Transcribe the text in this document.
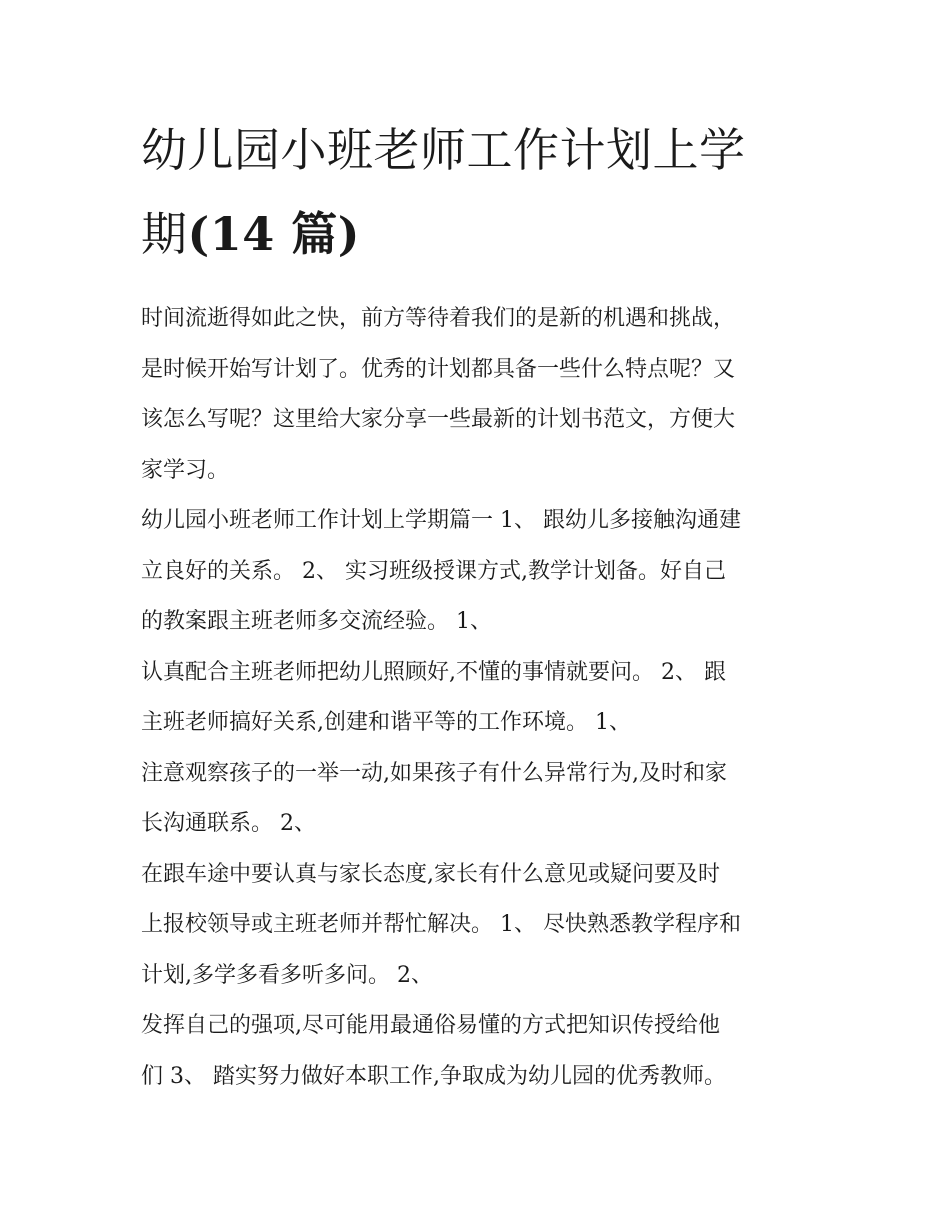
幼儿园小班老师工作计划上学
期(14 篇)

时间流逝得如此之快，前方等待着我们的是新的机遇和挑战，
是时候开始写计划了。优秀的计划都具备一些什么特点呢？又
该怎么写呢？这里给大家分享一些最新的计划书范文，方便大
家学习。

幼儿园小班老师工作计划上学期篇一 1、 跟幼儿多接触沟通建
立良好的关系。 2、 实习班级授课方式,教学计划备。好自己
的教案跟主班老师多交流经验。 1、
认真配合主班老师把幼儿照顾好,不懂的事情就要问。 2、 跟
主班老师搞好关系,创建和谐平等的工作环境。 1、
注意观察孩子的一举一动,如果孩子有什么异常行为,及时和家
长沟通联系。 2、
在跟车途中要认真与家长态度,家长有什么意见或疑问要及时
上报校领导或主班老师并帮忙解决。 1、 尽快熟悉教学程序和
计划,多学多看多听多问。 2、
发挥自己的强项,尽可能用最通俗易懂的方式把知识传授给他
们 3、 踏实努力做好本职工作,争取成为幼儿园的优秀教师。
